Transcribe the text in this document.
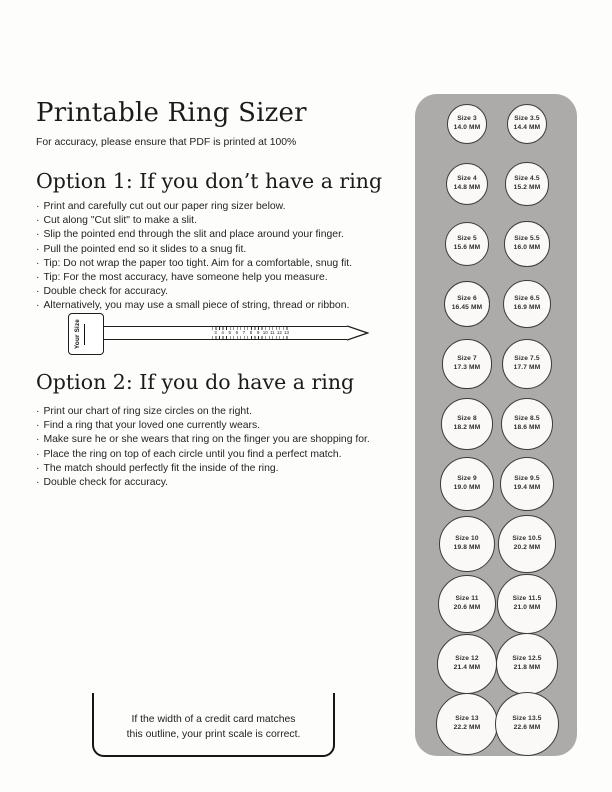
Printable Ring Sizer

For accuracy, please ensure that PDF is printed at 100%

Option 1: If you don’t have a ring
· Print and carefully cut out our paper ring sizer below.
· Cut along "Cut slit" to make a slit.
· Slip the pointed end through the slit and place around your finger.
· Pull the pointed end so it slides to a snug fit.
· Tip: Do not wrap the paper too tight. Aim for a comfortable, snug fit.
· Tip: For the most accuracy, have someone help you measure.
· Double check for accuracy.
· Alternatively, you may use a small piece of string, thread or ribbon.
3	4	5	6	7	8	9 10 11 12 13
Your Size
Option 2: If you do have a ring
· Print our chart of ring size circles on the right.
· Find a ring that your loved one currently wears.
· Make sure he or she wears that ring on the finger you are shopping for.
· Place the ring on top of each circle until you find a perfect match.
· The match should perfectly fit the inside of the ring.
· Double check for accuracy.

If the width of a credit card matches

this outline, your print scale is correct.

Size 3
14.0 MM
Size 3.5
14.4 MM
Size 4
14.8 MM
Size 4.5
15.2 MM
Size 5
15.6 MM
Size 5.5
16.0 MM
Size 6
16.45 MM
Size 6.5
16.9 MM
Size 7
17.3 MM
Size 7.5
17.7 MM
Size 8
18.2 MM
Size 8.5
18.6 MM
Size 9
19.0 MM
Size 9.5
19.4 MM
Size 10
19.8 MM
Size 10.5
20.2 MM
Size 11
20.6 MM
Size 11.5
21.0 MM
Size 12
21.4 MM
Size 12.5
21.8 MM
Size 13
22.2 MM
Size 13.5
22.6 MM
